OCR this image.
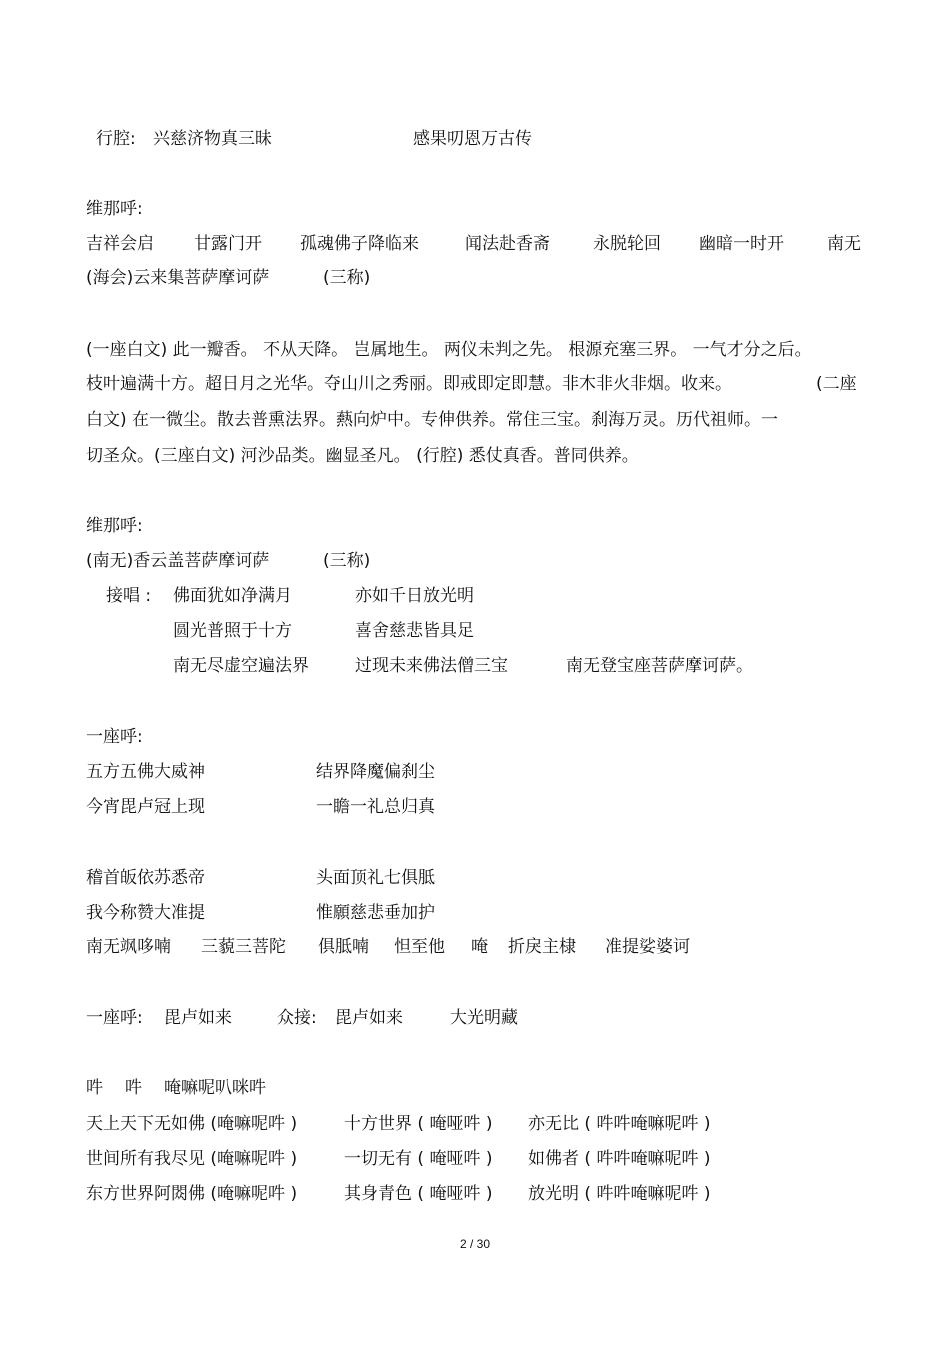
行腔: 兴慈济物真三昧	感果叨恩万古传
维那呼:
吉祥会启 甘露门开 孤魂佛子降临来	闻法赴香斋	永脱轮回 幽暗一时开	南无
(海会)云来集菩萨摩诃萨	(三称)
(一座白文) 此一瓣香。 不从天降。 岂属地生。 两仪未判之先。 根源充塞三界。 一气才分之后。
枝叶遍满十方。超日月之光华。夺山川之秀丽。即戒即定即慧。非木非火非烟。收来。	(二座
白文) 在一微尘。散去普熏法界。爇向炉中。专伸供养。常住三宝。刹海万灵。历代祖师。一
切圣众。(三座白文) 河沙品类。幽显圣凡。 (行腔) 悉仗真香。普同供养。
维那呼:
(南无)香云盖菩萨摩诃萨	(三称)
接唱 : 佛面犹如净满月	亦如千日放光明
圆光普照于十方	喜舍慈悲皆具足
南无尽虚空遍法界	过现未来佛法僧三宝	南无登宝座菩萨摩诃萨。
一座呼:
五方五佛大威神	结界降魔偏刹尘
今宵毘卢冠上现	一瞻一礼总归真
稽首皈依苏悉帝	头面顶礼七俱胝
我今称赞大准提	惟願慈悲垂加护
南无飒哆喃 三藐三菩陀 俱胝喃 怛至他 唵 折戾主棣 准提娑婆诃
一座呼: 毘卢如来	众接: 毘卢如来	大光明藏
吽 吽 唵嘛呢叭咪吽
天上天下无如佛 (唵嘛呢吽 )	十方世界 ( 唵哑吽 ) 亦无比 ( 吽吽唵嘛呢吽 )
世间所有我尽见 (唵嘛呢吽 )	一切无有 ( 唵哑吽 ) 如佛者 ( 吽吽唵嘛呢吽 )
东方世界阿閦佛 (唵嘛呢吽 )	其身青色 ( 唵哑吽 ) 放光明 ( 吽吽唵嘛呢吽 )
2 / 30
